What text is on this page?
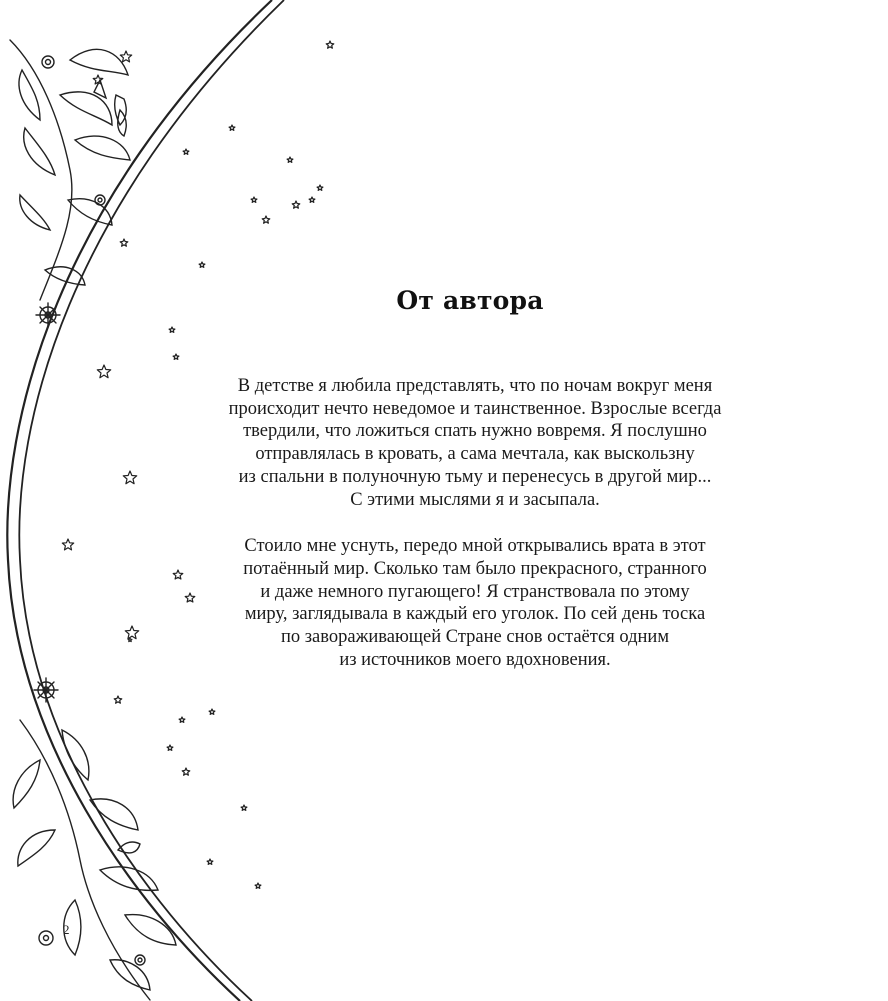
От автора

В детстве я любила представлять, что по ночам вокруг меня
происходит нечто неведомое и таинственное. Взрослые всегда
твердили, что ложиться спать нужно вовремя. Я послушно
отправлялась в кровать, а сама мечтала, как выскользну
из спальни в полуночную тьму и перенесусь в другой мир...
С этими мыслями я и засыпала.

Стоило мне уснуть, передо мной открывались врата в этот
потаённый мир. Сколько там было прекрасного, странного
и даже немного пугающего! Я странствовала по этому
миру, заглядывала в каждый его уголок. По сей день тоска
по завораживающей Стране снов остаётся одним
из источников моего вдохновения.

2
